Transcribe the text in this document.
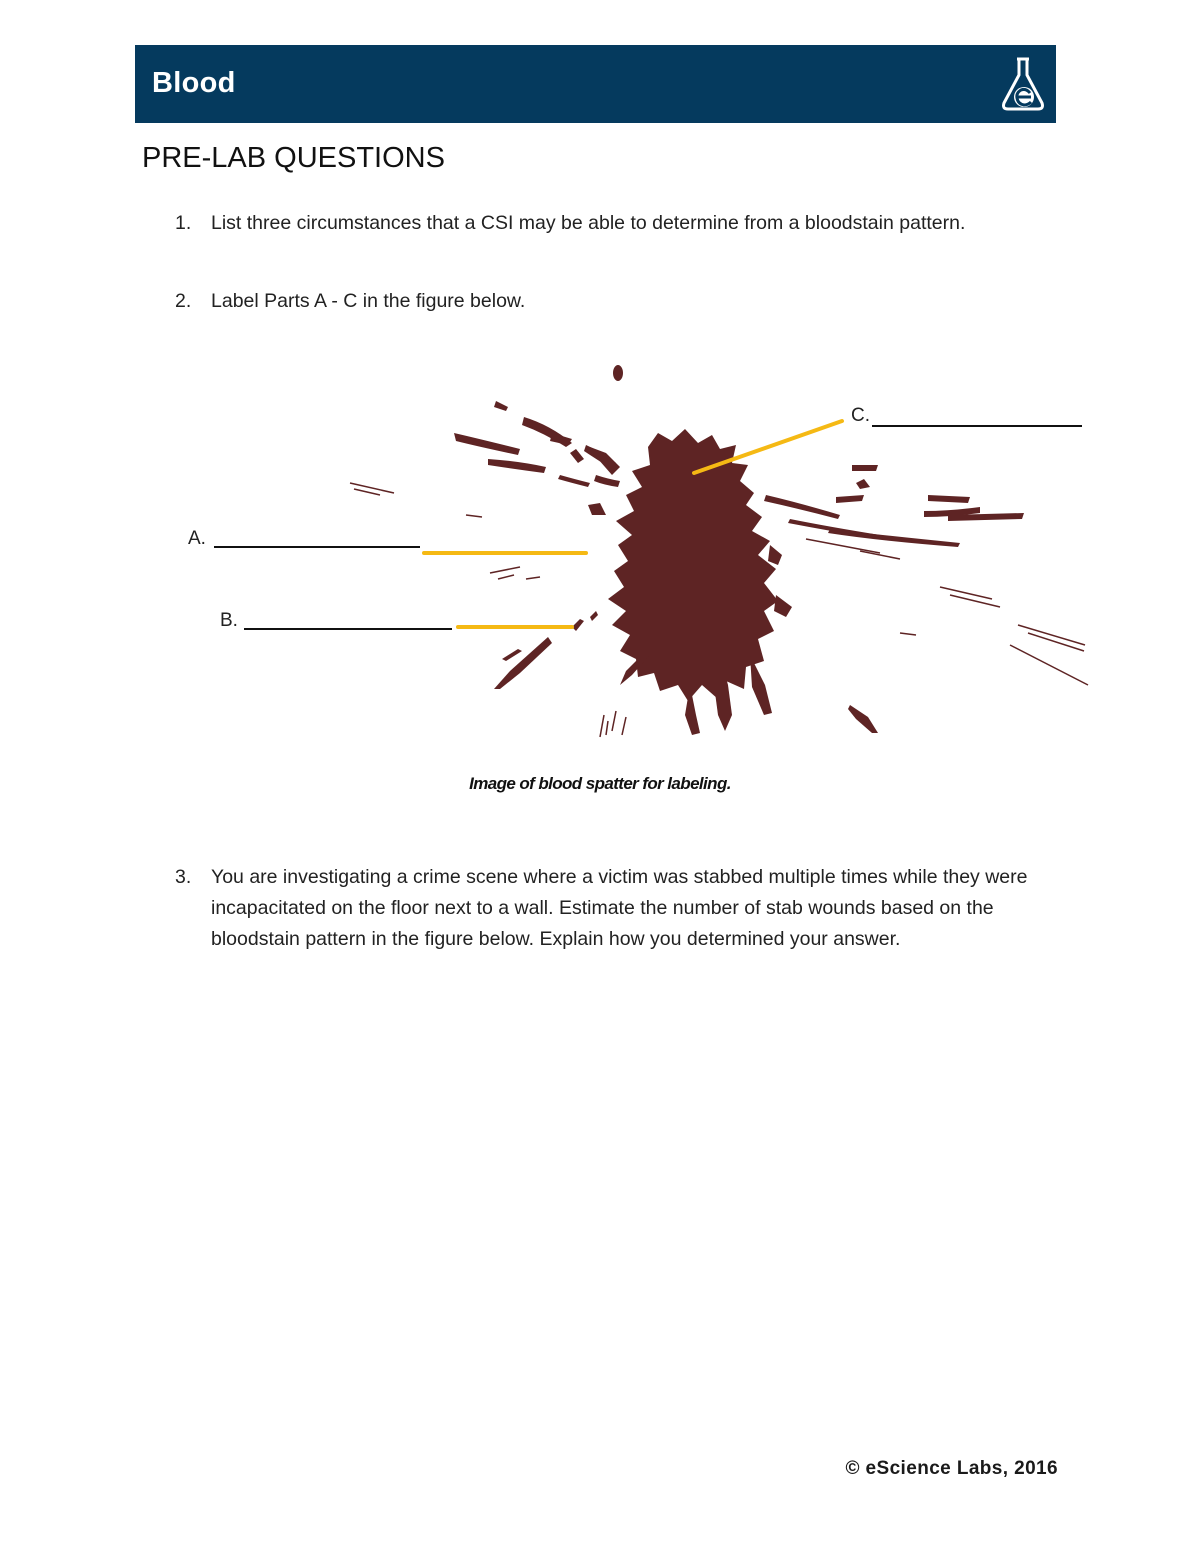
Blood
PRE-LAB QUESTIONS
1.	List three circumstances that a CSI may be able to determine from a bloodstain pattern.
2.	Label Parts A - C in the figure below.
A.
B.
C.
Image of blood spatter for labeling.
3.	You are investigating a crime scene where a victim was stabbed multiple times while they were incapacitated on the floor next to a wall. Estimate the number of stab wounds based on the bloodstain pattern in the figure below. Explain how you determined your answer.
© eScience Labs, 2016
